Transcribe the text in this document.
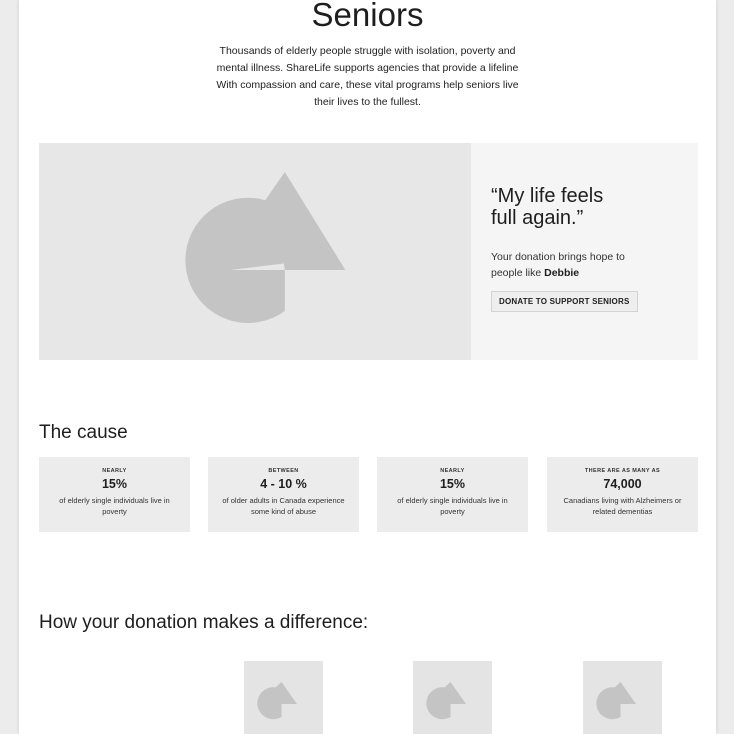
Seniors

Thousands of elderly people struggle with isolation, poverty and
mental illness. ShareLife supports agencies that provide a lifeline
With compassion and care, these vital programs help seniors live
their lives to the fullest.

“My life feels
full again.”
Your donation brings hope to
people like Debbie
DONATE TO SUPPORT SENIORS
The cause
NEARLY
15%
of elderly single individuals live in
poverty
BETWEEN
4 - 10 %
of older adults in Canada experience
some kind of abuse
NEARLY
15%
of elderly single individuals live in
poverty
THERE ARE AS MANY AS
74,000
Canadians living with Alzheimers or
related dementias
How your donation makes a difference:
